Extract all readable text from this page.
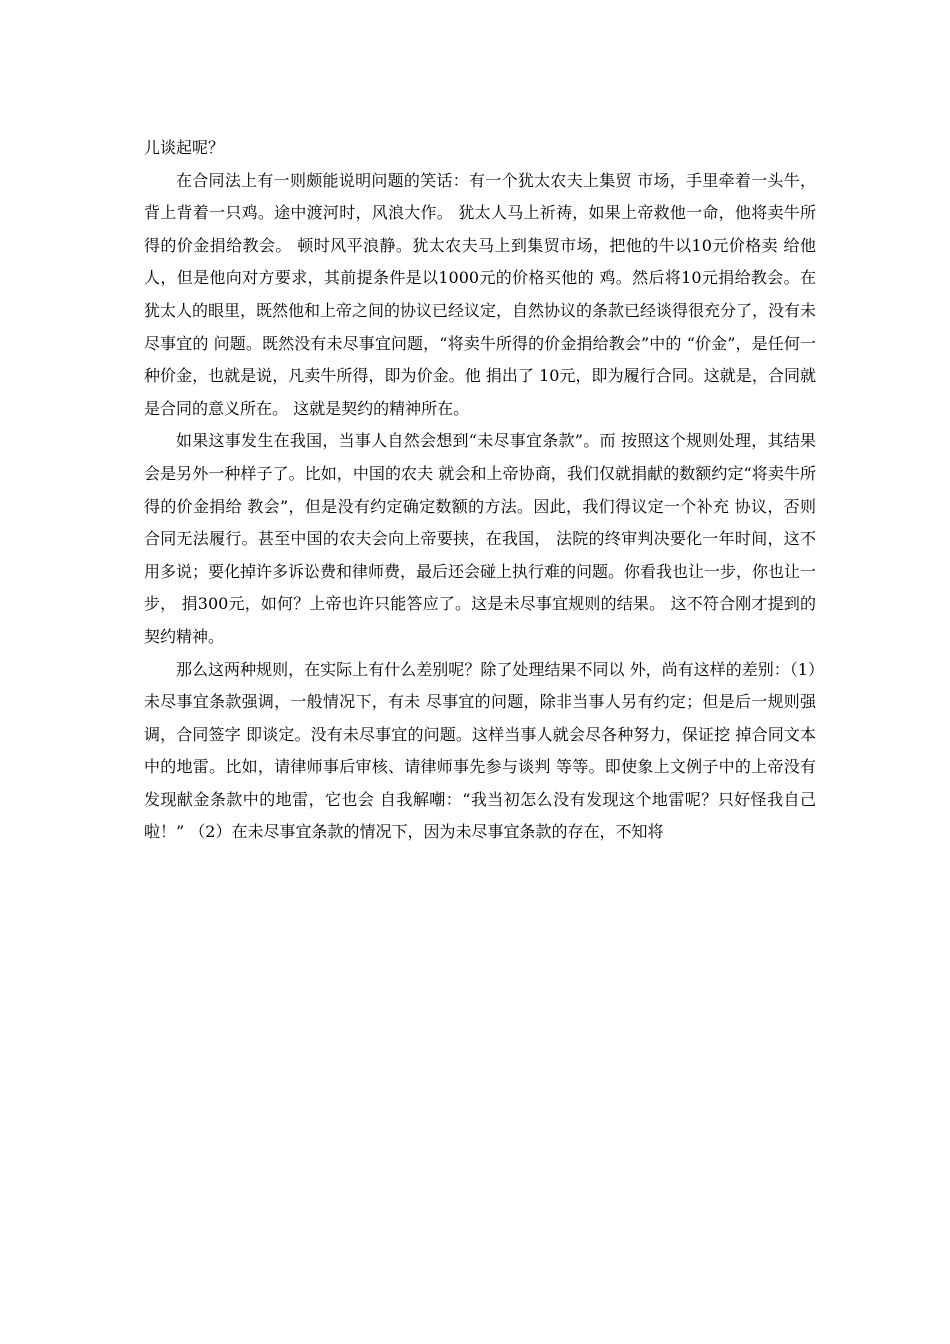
儿谈起呢？

在合同法上有一则颇能说明问题的笑话：有一个犹太农夫上集贸 市场，手里牵着一头牛，背上背着一只鸡。途中渡河时，风浪大作。 犹太人马上祈祷，如果上帝救他一命，他将卖牛所得的价金捐给教会。 顿时风平浪静。犹太农夫马上到集贸市场，把他的牛以10元价格卖 给他人，但是他向对方要求，其前提条件是以1000元的价格买他的 鸡。然后将10元捐给教会。在犹太人的眼里，既然他和上帝之间的协议已经议定，自然协议的条款已经谈得很充分了，没有未尽事宜的 问题。既然没有未尽事宜问题，“将卖牛所得的价金捐给教会”中的 “价金”，是任何一种价金，也就是说，凡卖牛所得，即为价金。他 捐出了 10元，即为履行合同。这就是，合同就是合同的意义所在。 这就是契约的精神所在。

如果这事发生在我国，当事人自然会想到“未尽事宜条款”。而 按照这个规则处理，其结果会是另外一种样子了。比如，中国的农夫 就会和上帝协商，我们仅就捐献的数额约定“将卖牛所得的价金捐给 教会”，但是没有约定确定数额的方法。因此，我们得议定一个补充 协议，否则合同无法履行。甚至中国的农夫会向上帝要挟，在我国， 法院的终审判决要化一年时间，这不用多说；要化掉许多诉讼费和律师费，最后还会碰上执行难的问题。你看我也让一步，你也让一步， 捐300元，如何？上帝也许只能答应了。这是未尽事宜规则的结果。 这不符合刚才提到的契约精神。

那么这两种规则，在实际上有什么差别呢？除了处理结果不同以 外，尚有这样的差别：（1）未尽事宜条款强调，一般情况下，有未 尽事宜的问题，除非当事人另有约定；但是后一规则强调，合同签字 即谈定。没有未尽事宜的问题。这样当事人就会尽各种努力，保证挖 掉合同文本中的地雷。比如，请律师事后审核、请律师事先参与谈判 等等。即使象上文例子中的上帝没有发现献金条款中的地雷，它也会 自我解嘲：“我当初怎么没有发现这个地雷呢？只好怪我自己啦！” （2）在未尽事宜条款的情况下，因为未尽事宜条款的存在，不知将
